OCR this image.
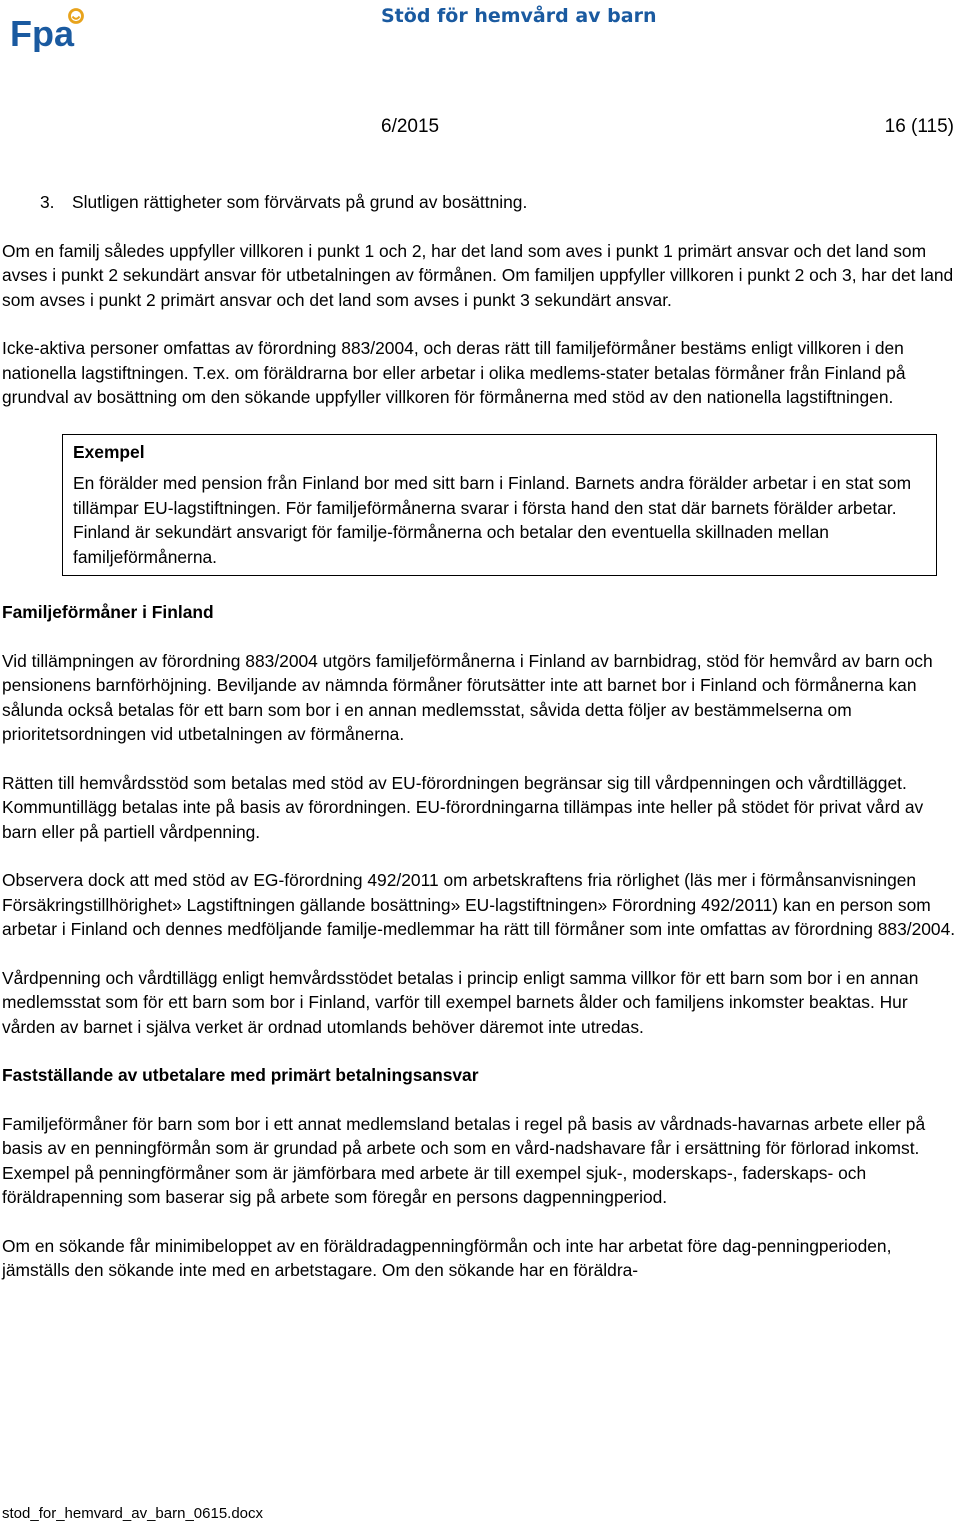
Fpa	Stöd för hemvård av barn
6/2015	16 (115)

3.	Slutligen rättigheter som förvärvats på grund av bosättning.

Om en familj således uppfyller villkoren i punkt 1 och 2, har det land som aves i punkt 1 primärt ansvar och det land som avses i punkt 2 sekundärt ansvar för utbetalningen av förmånen. Om familjen uppfyller villkoren i punkt 2 och 3, har det land som avses i punkt 2 primärt ansvar och det land som avses i punkt 3 sekundärt ansvar.

Icke-aktiva personer omfattas av förordning 883/2004, och deras rätt till familjeförmåner bestäms enligt villkoren i den nationella lagstiftningen. T.ex. om föräldrarna bor eller arbetar i olika medlems-stater betalas förmåner från Finland på grundval av bosättning om den sökande uppfyller villkoren för förmånerna med stöd av den nationella lagstiftningen.

Exempel

En förälder med pension från Finland bor med sitt barn i Finland. Barnets andra förälder arbetar i en stat som tillämpar EU-lagstiftningen. För familjeförmånerna svarar i första hand den stat där barnets förälder arbetar. Finland är sekundärt ansvarigt för familje-förmånerna och betalar den eventuella skillnaden mellan familjeförmånerna.

Familjeförmåner i Finland

Vid tillämpningen av förordning 883/2004 utgörs familjeförmånerna i Finland av barnbidrag, stöd för hemvård av barn och pensionens barnförhöjning. Beviljande av nämnda förmåner förutsätter inte att barnet bor i Finland och förmånerna kan sålunda också betalas för ett barn som bor i en annan medlemsstat, såvida detta följer av bestämmelserna om prioritetsordningen vid utbetalningen av förmånerna.

Rätten till hemvårdsstöd som betalas med stöd av EU-förordningen begränsar sig till vårdpenningen och vårdtillägget. Kommuntillägg betalas inte på basis av förordningen. EU-förordningarna tillämpas inte heller på stödet för privat vård av barn eller på partiell vårdpenning.

Observera dock att med stöd av EG-förordning 492/2011 om arbetskraftens fria rörlighet (läs mer i förmånsanvisningen Försäkringstillhörighet» Lagstiftningen gällande bosättning» EU-lagstiftningen» Förordning 492/2011) kan en person som arbetar i Finland och dennes medföljande familje-medlemmar ha rätt till förmåner som inte omfattas av förordning 883/2004.

Vårdpenning och vårdtillägg enligt hemvårdsstödet betalas i princip enligt samma villkor för ett barn som bor i en annan medlemsstat som för ett barn som bor i Finland, varför till exempel barnets ålder och familjens inkomster beaktas. Hur vården av barnet i själva verket är ordnad utomlands behöver däremot inte utredas.

Fastställande av utbetalare med primärt betalningsansvar

Familjeförmåner för barn som bor i ett annat medlemsland betalas i regel på basis av vårdnads-havarnas arbete eller på basis av en penningförmån som är grundad på arbete och som en vård-nadshavare får i ersättning för förlorad inkomst. Exempel på penningförmåner som är jämförbara med arbete är till exempel sjuk-, moderskaps-, faderskaps- och föräldrapenning som baserar sig på arbete som föregår en persons dagpenningperiod.

Om en sökande får minimibeloppet av en föräldradagpenningförmån och inte har arbetat före dag-penningperioden, jämställs den sökande inte med en arbetstagare. Om den sökande har en föräldra-

stod_for_hemvard_av_barn_0615.docx
